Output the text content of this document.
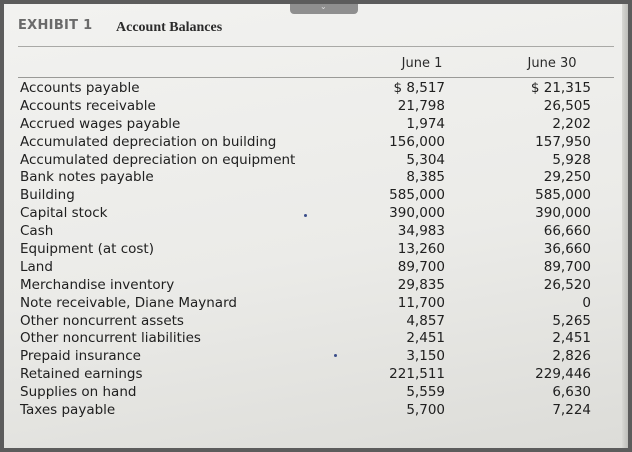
⌄
EXHIBIT 1 Account Balances
June 1	June 30
Accounts payable	$ 8,517	$ 21,315
Accounts receivable	21,798	26,505
Accrued wages payable	1,974	2,202
Accumulated depreciation on building	156,000	157,950
Accumulated depreciation on equipment	5,304	5,928
Bank notes payable	8,385	29,250
Building	585,000	585,000
Capital stock	390,000	390,000
Cash	34,983	66,660
Equipment (at cost)	13,260	36,660
Land	89,700	89,700
Merchandise inventory	29,835	26,520
Note receivable, Diane Maynard	11,700	0
Other noncurrent assets	4,857	5,265
Other noncurrent liabilities	2,451	2,451
Prepaid insurance	3,150	2,826
Retained earnings	221,511	229,446
Supplies on hand	5,559	6,630
Taxes payable	5,700	7,224
